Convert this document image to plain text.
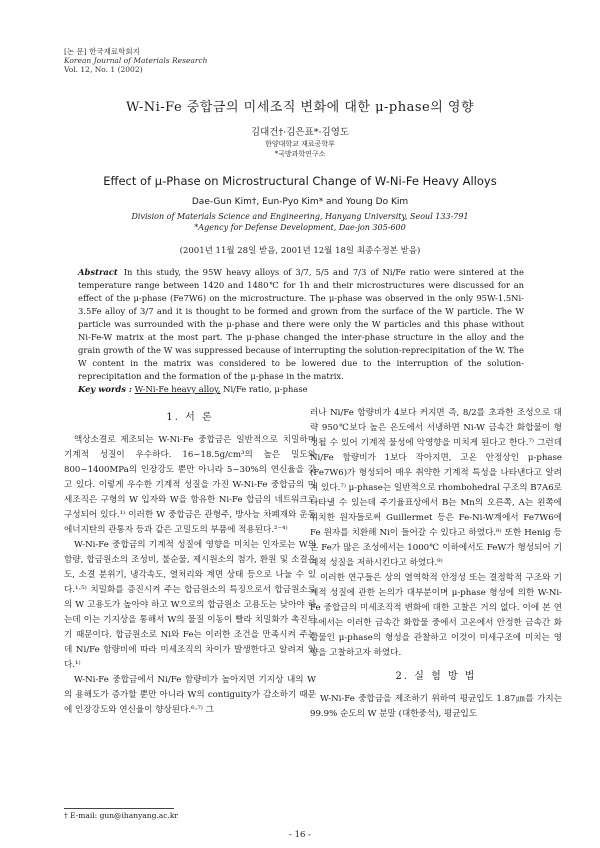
[논 문] 한국재료학회지
Korean Journal of Materials Research
Vol. 12, No. 1 (2002)
W-Ni-Fe 중합금의 미세조직 변화에 대한 μ-phase의 영향
김대건†·김은표*·김영도
한양대학교 재료공학부
*국방과학연구소
Effect of μ-Phase on Microstructural Change of W-Ni-Fe Heavy Alloys
Dae-Gun Kim†, Eun-Pyo Kim* and Young Do Kim
Division of Materials Science and Engineering, Hanyang University, Seoul 133-791
*Agency for Defense Development, Dae-jon 305-600
(2001년 11월 28일 받음, 2001년 12월 18일 최종수정본 받음)
Abstract In this study, the 95W heavy alloys of 3/7, 5/5 and 7/3 of Ni/Fe ratio were sintered at the temperature range between 1420 and 1480℃ for 1h and their microstructures were discussed for an effect of the μ-phase (Fe7W6) on the microstructure. The μ-phase was observed in the only 95W-1.5Ni-3.5Fe alloy of 3/7 and it is thought to be formed and grown from the surface of the W particle. The W particle was surrounded with the μ-phase and there were only the W particles and this phase without Ni-Fe-W matrix at the most part. The μ-phase changed the inter-phase structure in the alloy and the grain growth of the W was suppressed because of interrupting the solution-reprecipitation of the W. The W content in the matrix was considered to be lowered due to the interruption of the solution-reprecipitation and the formation of the μ-phase in the matrix.
Key words : W-Ni-Fe heavy alloy, Ni/Fe ratio, μ-phase
1. 서 론

액상소결로 제조되는 W-Ni-Fe 중합금은 일반적으로 치밀하며 기계적 성질이 우수하다. 16~18.5g/cm³의 높은 밀도와 800~1400MPa의 인장강도 뿐만 아니라 5~30%의 연신율을 갖고 있다. 이렇게 우수한 기계적 성질을 가진 W-Ni-Fe 중합금의 미세조직은 구형의 W 입자와 W을 함유한 Ni-Fe 합금의 네트워크로 구성되어 있다.¹⁾ 이러한 W 중합금은 관형주, 방사능 차폐재와 운동 에너지탄의 관통자 등과 같은 고밀도의 부품에 적용된다.²⁻⁴⁾

W-Ni-Fe 중합금의 기계적 성질에 영향을 미치는 인자로는 W의 함량, 합금원소의 조성비, 불순물, 제시원소의 첨가, 환원 및 소결온도, 소결 분위기, 냉각속도, 열처리와 계면 상태 등으로 나눌 수 있다.¹·⁵⁾ 치밀화를 증진시켜 주는 합금원소의 특징으로서 합금원소로의 W 고용도가 높아야 하고 W으로의 합금원소 고용도는 낮아야 하는데 이는 기지상을 통해서 W의 물질 이동이 빨라 치밀화가 촉진되기 때문이다. 합금원소로 Ni와 Fe는 이러한 조건을 만족시켜 주는데 Ni/Fe 함량비에 따라 미세조직의 차이가 발생한다고 알려져 있다.¹⁾

W-Ni-Fe 중합금에서 Ni/Fe 함량비가 높아지면 기지상 내의 W의 용해도가 증가할 뿐만 아니라 W의 contiguity가 감소하기 때문에 인장강도와 연신율이 향상된다.⁶·⁷⁾ 그

러나 Ni/Fe 함량비가 4보다 커지면 즉, 8/2를 초과한 조성으로 대략 950℃보다 높은 온도에서 서냉하면 Ni-W 금속간 화합물이 형성될 수 있어 기계적 물성에 악영향을 미치게 된다고 한다.⁷⁾ 그런데 Ni/Fe 함량비가 1보다 작아지면, 고온 안정상인 μ-phase (Fe7W6)가 형성되어 매우 취약한 기계적 특성을 나타낸다고 알려져 있다.⁷⁾ μ-phase는 일반적으로 rhombohedral 구조의 B7A6로 나타낼 수 있는데 주기율표상에서 B는 Mn의 오른쪽, A는 왼쪽에 위치한 원자들로써 Guillermet 등은 Fe-Ni-W계에서 Fe7W6에 Fe 원자를 치환해 Ni이 들어갈 수 있다고 하였다.⁸⁾ 또한 Henig 등은 Fe가 많은 조성에서는 1000℃ 이하에서도 FeW가 형성되어 기계적 성질을 저하시킨다고 하였다.⁹⁾

이러한 연구들은 상의 열역학적 안정성 또는 결정학적 구조와 기계적 성질에 관한 논의가 대부분이며 μ-phase 형성에 의한 W-Ni-Fe 중합금의 미세조직적 변화에 대한 고찰은 거의 없다. 이에 본 연구에서는 이러한 금속간 화합물 중에서 고온에서 안정한 금속간 화합물인 μ-phase의 형성을 관찰하고 이것이 미세구조에 미치는 영향을 고찰하고자 하였다.

2. 실 험 방 법

W-Ni-Fe 중합금을 제조하기 위하여 평균입도 1.87㎛를 가지는 99.9% 순도의 W 분말 (대한중석), 평균입도

† E-mail: gun@ihanyang.ac.kr
- 16 -
